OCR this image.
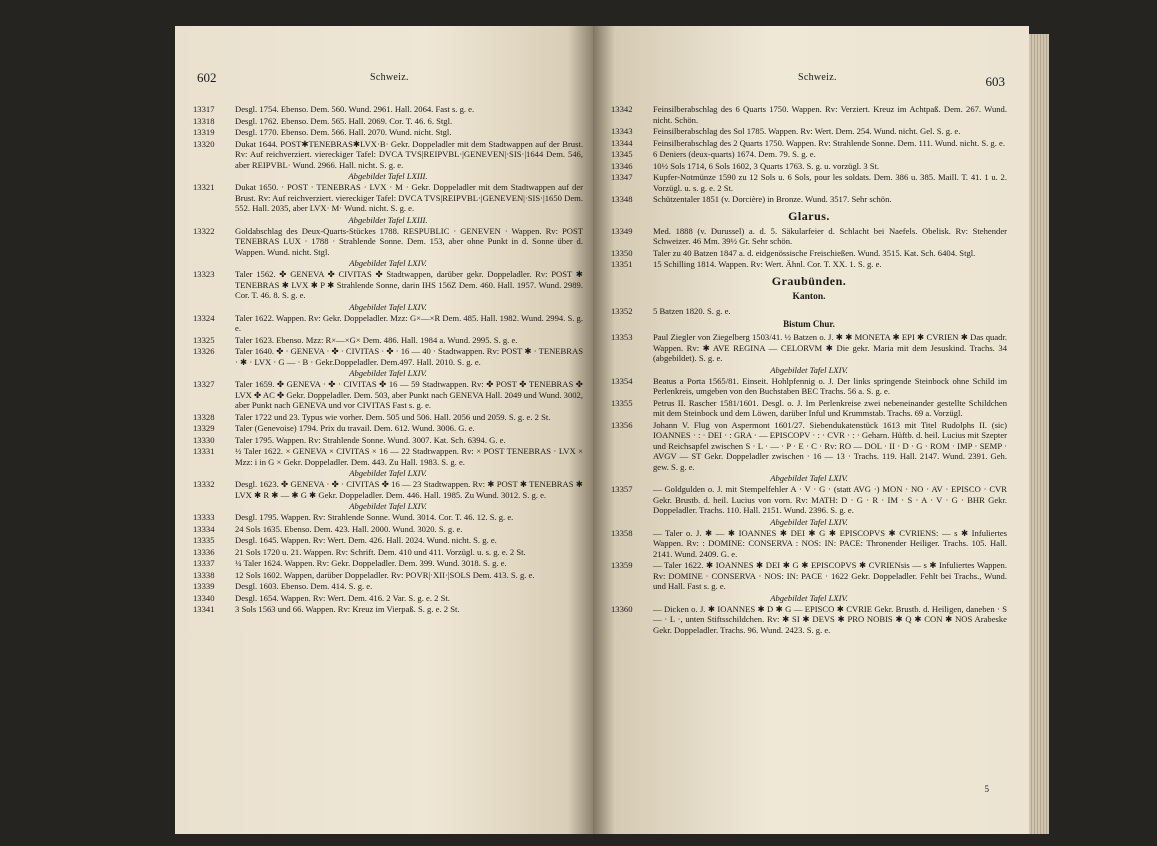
602	Schweiz.
13317	Desgl. 1754. Ebenso. Dem. 560. Wund. 2961. Hall. 2064. Fast s. g. e.
13318	Desgl. 1762. Ebenso. Dem. 565. Hall. 2069. Cor. T. 46. 6. Stgl.
13319	Desgl. 1770. Ebenso. Dem. 566. Hall. 2070. Wund. nicht. Stgl.
13320	Dukat 1644. POST✱TENEBRAS✱LVX·B· Gekr. Doppeladler mit dem Stadtwappen auf der Brust. Rv: Auf reichverziert. viereckiger Tafel: DVCA TVS|REIPVBL·|GENEVEN|·SIS·|1644 Dem. 546, aber REIPVBL· Wund. 2966. Hall. nicht. S. g. e.
Abgebildet Tafel LXIII.
13321	Dukat 1650. · POST · TENEBRAS · LVX · M · Gekr. Doppeladler mit dem Stadtwappen auf der Brust. Rv: Auf reichverziert. viereckiger Tafel: DVCA TVS|REIPVBL·|GENEVEN|·SIS·|1650 Dem. 552. Hall. 2035, aber LVX· M· Wund. nicht. S. g. e.
Abgebildet Tafel LXIII.
13322	Goldabschlag des Deux-Quarts-Stückes 1788. RESPUBLIC · GENEVEN · Wappen. Rv: POST TENEBRAS LUX · 1788 · Strahlende Sonne. Dem. 153, aber ohne Punkt in d. Sonne über d. Wappen. Wund. nicht. Stgl.
Abgebildet Tafel LXIV.
13323	Taler 1562. ✤ GENEVA ✤ CIVITAS ✤ Stadtwappen, darüber gekr. Doppeladler. Rv: POST ✱ TENEBRAS ✱ LVX ✱ P ✱ Strahlende Sonne, darin IHS 156Z Dem. 460. Hall. 1957. Wund. 2989. Cor. T. 46. 8. S. g. e.
Abgebildet Tafel LXIV.
13324	Taler 1622. Wappen. Rv: Gekr. Doppeladler. Mzz: G×—×R Dem. 485. Hall. 1982. Wund. 2994. S. g. e.
13325	Taler 1623. Ebenso. Mzz: R×—×G× Dem. 486. Hall. 1984 a. Wund. 2995. S. g. e.
13326	Taler 1640. ✤ · GENEVA · ✤ · CIVITAS · ✤ · 16 — 40 · Stadtwappen. Rv: POST ✱ · TENEBRAS · ✱ · LVX · G — · B · Gekr.Doppeladler. Dem.497. Hall. 2010. S. g. e.
Abgebildet Tafel LXIV.
13327	Taler 1659. ✤ GENEVA · ✤ · CIVITAS ✤ 16 — 59 Stadtwappen. Rv: ✤ POST ✤ TENEBRAS ✤ LVX ✤ AC ✤ Gekr. Doppeladler. Dem. 503, aber Punkt nach GENEVA Hall. 2049 und Wund. 3002, aber Punkt nach GENEVA und vor CIVITAS Fast s. g. e.
13328	Taler 1722 und 23. Typus wie vorher. Dem. 505 und 506. Hall. 2056 und 2059. S. g. e. 2 St.
13329	Taler (Genevoise) 1794. Prix du travail. Dem. 612. Wund. 3006. G. e.
13330	Taler 1795. Wappen. Rv: Strahlende Sonne. Wund. 3007. Kat. Sch. 6394. G. e.
13331	½ Taler 1622. × GENEVA × CIVITAS × 16 — 22 Stadtwappen. Rv: × POST TENEBRAS · LVX × Mzz: i in G × Gekr. Doppeladler. Dem. 443. Zu Hall. 1983. S. g. e.
Abgebildet Tafel LXIV.
13332	Desgl. 1623. ✤ GENEVA · ✤ · CIVITAS ✤ 16 — 23 Stadtwappen. Rv: ✱ POST ✱ TENEBRAS ✱ LVX ✱ R ✱ — ✱ G ✱ Gekr. Doppeladler. Dem. 446. Hall. 1985. Zu Wund. 3012. S. g. e.
Abgebildet Tafel LXIV.
13333	Desgl. 1795. Wappen. Rv: Strahlende Sonne. Wund. 3014. Cor. T. 46. 12. S. g. e.
13334	24 Sols 1635. Ebenso. Dem. 423. Hall. 2000. Wund. 3020. S. g. e.
13335	Desgl. 1645. Wappen. Rv: Wert. Dem. 426. Hall. 2024. Wund. nicht. S. g. e.
13336	21 Sols 1720 u. 21. Wappen. Rv: Schrift. Dem. 410 und 411. Vorzügl. u. s. g. e. 2 St.
13337	¼ Taler 1624. Wappen. Rv: Gekr. Doppeladler. Dem. 399. Wund. 3018. S. g. e.
13338	12 Sols 1602. Wappen, darüber Doppeladler. Rv: POVR|·XII·|SOLS Dem. 413. S. g. e.
13339	Desgl. 1603. Ebenso. Dem. 414. S. g. e.
13340	Desgl. 1654. Wappen. Rv: Wert. Dem. 416. 2 Var. S. g. e. 2 St.
13341	3 Sols 1563 und 66. Wappen. Rv: Kreuz im Vierpaß. S. g. e. 2 St.
Schweiz.	603
13342	Feinsilberabschlag des 6 Quarts 1750. Wappen. Rv: Verziert. Kreuz im Achtpaß. Dem. 267. Wund. nicht. Schön.
13343	Feinsilberabschlag des Sol 1785. Wappen. Rv: Wert. Dem. 254. Wund. nicht. Gel. S. g. e.
13344	Feinsilberabschlag des 2 Quarts 1750. Wappen. Rv: Strahlende Sonne. Dem. 111. Wund. nicht. S. g. e.
13345	6 Deniers (deux-quarts) 1674. Dem. 79. S. g. e.
13346	10½ Sols 1714, 6 Sols 1602, 3 Quarts 1763. S. g. u. vorzügl. 3 St.
13347	Kupfer-Notmünze 1590 zu 12 Sols u. 6 Sols, pour les soldats. Dem. 386 u. 385. Maill. T. 41. 1 u. 2. Vorzügl. u. s. g. e. 2 St.
13348	Schützentaler 1851 (v. Dorcière) in Bronze. Wund. 3517. Sehr schön.
Glarus.
13349	Med. 1888 (v. Durussel) a. d. 5. Säkularfeier d. Schlacht bei Naefels. Obelisk. Rv: Stehender Schweizer. 46 Mm. 39½ Gr. Sehr schön.
13350	Taler zu 40 Batzen 1847 a. d. eidgenössische Freischießen. Wund. 3515. Kat. Sch. 6404. Stgl.
13351	15 Schilling 1814. Wappen. Rv: Wert. Ähnl. Cor. T. XX. 1. S. g. e.
Graubünden.
Kanton.
13352	5 Batzen 1820. S. g. e.
Bistum Chur.
13353	Paul Ziegler von Ziegelberg 1503/41. ½ Batzen o. J. ✱ ✱ MONETA ✱ EPI ✱ CVRIEN ✱ Das quadr. Wappen. Rv: ✱ AVE REGINA — CELORVM ✱ Die gekr. Maria mit dem Jesuskind. Trachs. 34 (abgebildet). S. g. e.
Abgebildet Tafel LXIV.
13354	Beatus a Porta 1565/81. Einseit. Hohlpfennig o. J. Der links springende Steinbock ohne Schild im Perlenkreis, umgeben von den Buchstaben BEC Trachs. 56 a. S. g. e.
13355	Petrus II. Rascher 1581/1601. Desgl. o. J. Im Perlenkreise zwei nebeneinander gestellte Schildchen mit dem Steinbock und dem Löwen, darüber Inful und Krummstab. Trachs. 69 a. Vorzügl.
13356	Johann V. Flug von Aspermont 1601/27. Siebendukatenstück 1613 mit Titel Rudolphs II. (sic) IOANNES · : · DEI · : GRA · — EPISCOPV · : · CVR · : · Geharn. Hüftb. d. heil. Lucius mit Szepter und Reichsapfel zwischen S · L · — · P · E · C · Rv: RO — DOL · II · D · G · ROM · IMP · SEMP · AVGV — ST Gekr. Doppeladler zwischen · 16 — 13 · Trachs. 119. Hall. 2147. Wund. 2391. Geh. gew. S. g. e.
Abgebildet Tafel LXIV.
13357	— Goldgulden o. J. mit Stempelfehler A · V · G · (statt AVG ·) MON · NO · AV · EPISCO · CVR Gekr. Brustb. d. heil. Lucius von vorn. Rv: MATH: D · G · R · IM · S · A · V · G · BHR Gekr. Doppeladler. Trachs. 110. Hall. 2151. Wund. 2396. S. g. e.
Abgebildet Tafel LXIV.
13358	— Taler o. J. ✱ — ✱ IOANNES ✱ DEI ✱ G ✱ EPISCOPVS ✱ CVRIENS: — s ✱ Infuliertes Wappen. Rv: : DOMINE: CONSERVA : NOS: IN: PACE: Thronender Heiliger. Trachs. 105. Hall. 2141. Wund. 2409. G. e.
13359	— Taler 1622. ✱ IOANNES ✱ DEI ✱ G ✱ EPISCOPVS ✱ CVRIENsis — s ✱ Infuliertes Wappen. Rv: DOMINE · CONSERVA · NOS: IN: PACE · 1622 Gekr. Doppeladler. Fehlt bei Trachs., Wund. und Hall. Fast s. g. e.
Abgebildet Tafel LXIV.
13360	— Dicken o. J. ✱ IOANNES ✱ D ✱ G — EPISCO ✱ CVRIE Gekr. Brustb. d. Heiligen, daneben · S — · L ·, unten Stiftsschildchen. Rv: ✱ SI ✱ DEVS ✱ PRO NOBIS ✱ Q ✱ CON ✱ NOS Arabeske Gekr. Doppeladler. Trachs. 96. Wund. 2423. S. g. e.
5
